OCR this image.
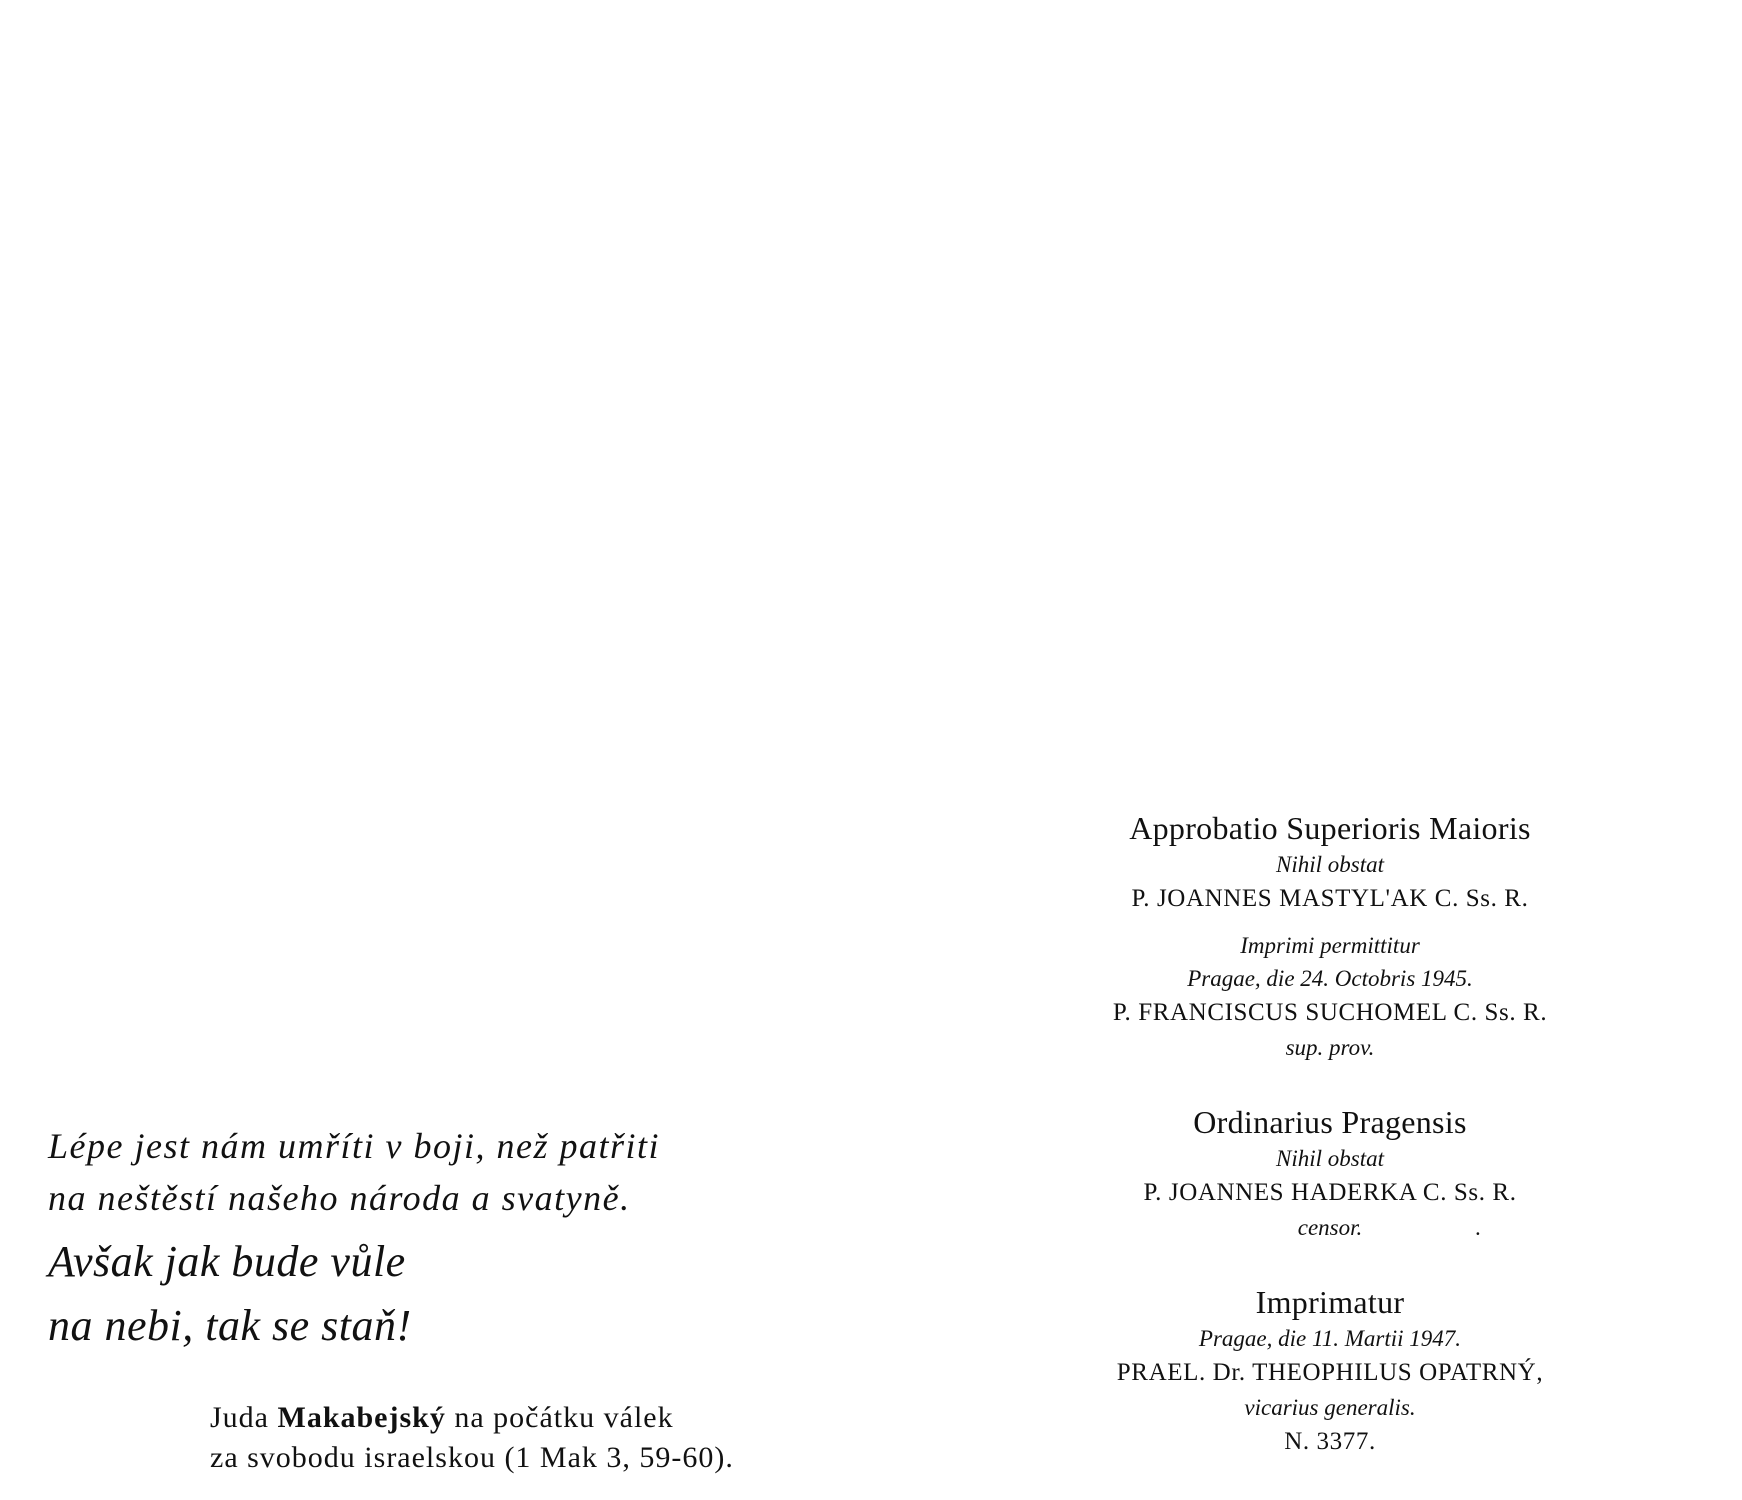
Lépe jest nám umříti v boji, než patřiti
na neštěstí našeho národa a svatyně.
Avšak jak bude vůle
na nebi, tak se staň!
Juda Makabejský na počátku válek
za svobodu israelskou (1 Mak 3, 59-60).
Approbatio Superioris Maioris
Nihil obstat
P. JOANNES MASTYL'AK C. Ss. R.
Imprimi permittitur
Pragae, die 24. Octobris 1945.
P. FRANCISCUS SUCHOMEL C. Ss. R.
sup. prov.
Ordinarius Pragensis
Nihil obstat
P. JOANNES HADERKA C. Ss. R.
censor.	.
Imprimatur
Pragae, die 11. Martii 1947.
PRAEL. Dr. THEOPHILUS OPATRNÝ,
vicarius generalis.
N. 3377.
